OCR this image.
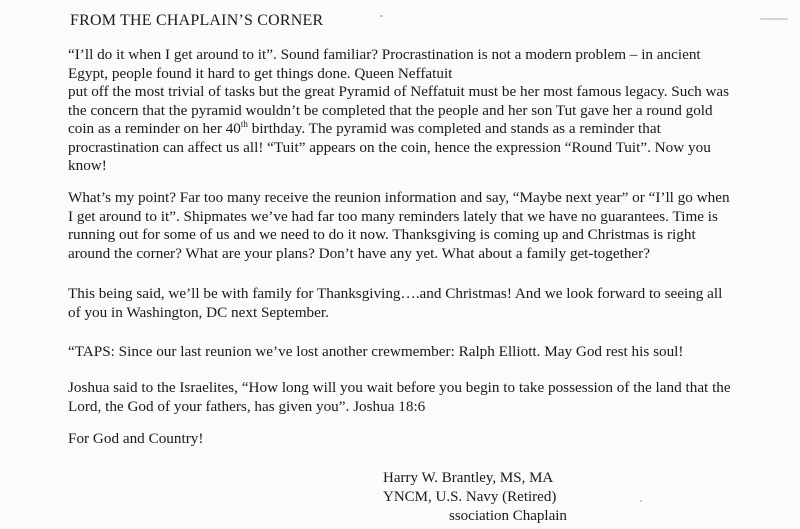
FROM THE CHAPLAIN’S CORNER

“I’ll do it when I get around to it”. Sound familiar? Procrastination is not a modern problem – in ancient
Egypt, people found it hard to get things done. Queen Neffatuit
put off the most trivial of tasks but the great Pyramid of Neffatuit must be her most famous legacy. Such was
the concern that the pyramid wouldn’t be completed that the people and her son Tut gave her a round gold
coin as a reminder on her 40th birthday. The pyramid was completed and stands as a reminder that
procrastination can affect us all! “Tuit” appears on the coin, hence the expression “Round Tuit”. Now you
know!

What’s my point? Far too many receive the reunion information and say, “Maybe next year” or “I’ll go when
I get around to it”. Shipmates we’ve had far too many reminders lately that we have no guarantees. Time is
running out for some of us and we need to do it now. Thanksgiving is coming up and Christmas is right
around the corner? What are your plans? Don’t have any yet. What about a family get-together?

This being said, we’ll be with family for Thanksgiving….and Christmas! And we look forward to seeing all
of you in Washington, DC next September.

“TAPS: Since our last reunion we’ve lost another crewmember: Ralph Elliott. May God rest his soul!

Joshua said to the Israelites, “How long will you wait before you begin to take possession of the land that the
Lord, the God of your fathers, has given you”. Joshua 18:6

For God and Country!

Harry W. Brantley, MS, MA
YNCM, U.S. Navy (Retired)
ssociation Chaplain
